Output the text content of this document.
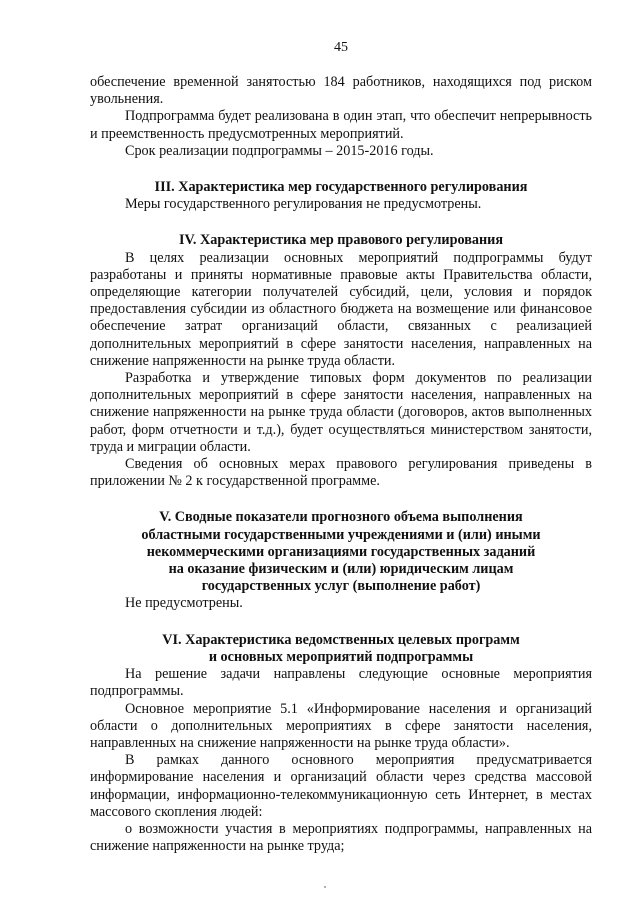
45

обеспечение временной занятостью 184 работников, находящихся под риском увольнения.

Подпрограмма будет реализована в один этап, что обеспечит непрерывность и преемственность предусмотренных мероприятий.

Срок реализации подпрограммы – 2015-2016 годы.

III. Характеристика мер государственного регулирования

Меры государственного регулирования не предусмотрены.

IV. Характеристика мер правового регулирования

В целях реализации основных мероприятий подпрограммы будут разработаны и приняты нормативные правовые акты Правительства области, определяющие категории получателей субсидий, цели, условия и порядок предоставления субсидии из областного бюджета на возмещение или финансовое обеспечение затрат организаций области, связанных с реализацией дополнительных мероприятий в сфере занятости населения, направленных на снижение напряженности на рынке труда области.

Разработка и утверждение типовых форм документов по реализации дополнительных мероприятий в сфере занятости населения, направленных на снижение напряженности на рынке труда области (договоров, актов выполненных работ, форм отчетности и т.д.), будет осуществляться министерством занятости, труда и миграции области.

Сведения об основных мерах правового регулирования приведены в приложении № 2 к государственной программе.

V. Сводные показатели прогнозного объема выполнения
областными государственными учреждениями и (или) иными
некоммерческими организациями государственных заданий
на оказание физическим и (или) юридическим лицам
государственных услуг (выполнение работ)

Не предусмотрены.

VI. Характеристика ведомственных целевых программ
и основных мероприятий подпрограммы

На решение задачи направлены следующие основные мероприятия подпрограммы.

Основное мероприятие 5.1 «Информирование населения и организаций области о дополнительных мероприятиях в сфере занятости населения, направленных на снижение напряженности на рынке труда области».

В рамках данного основного мероприятия предусматривается информирование населения и организаций области через средства массовой информации, информационно-телекоммуникационную сеть Интернет, в местах массового скопления людей:

о возможности участия в мероприятиях подпрограммы, направленных на снижение напряженности на рынке труда;
